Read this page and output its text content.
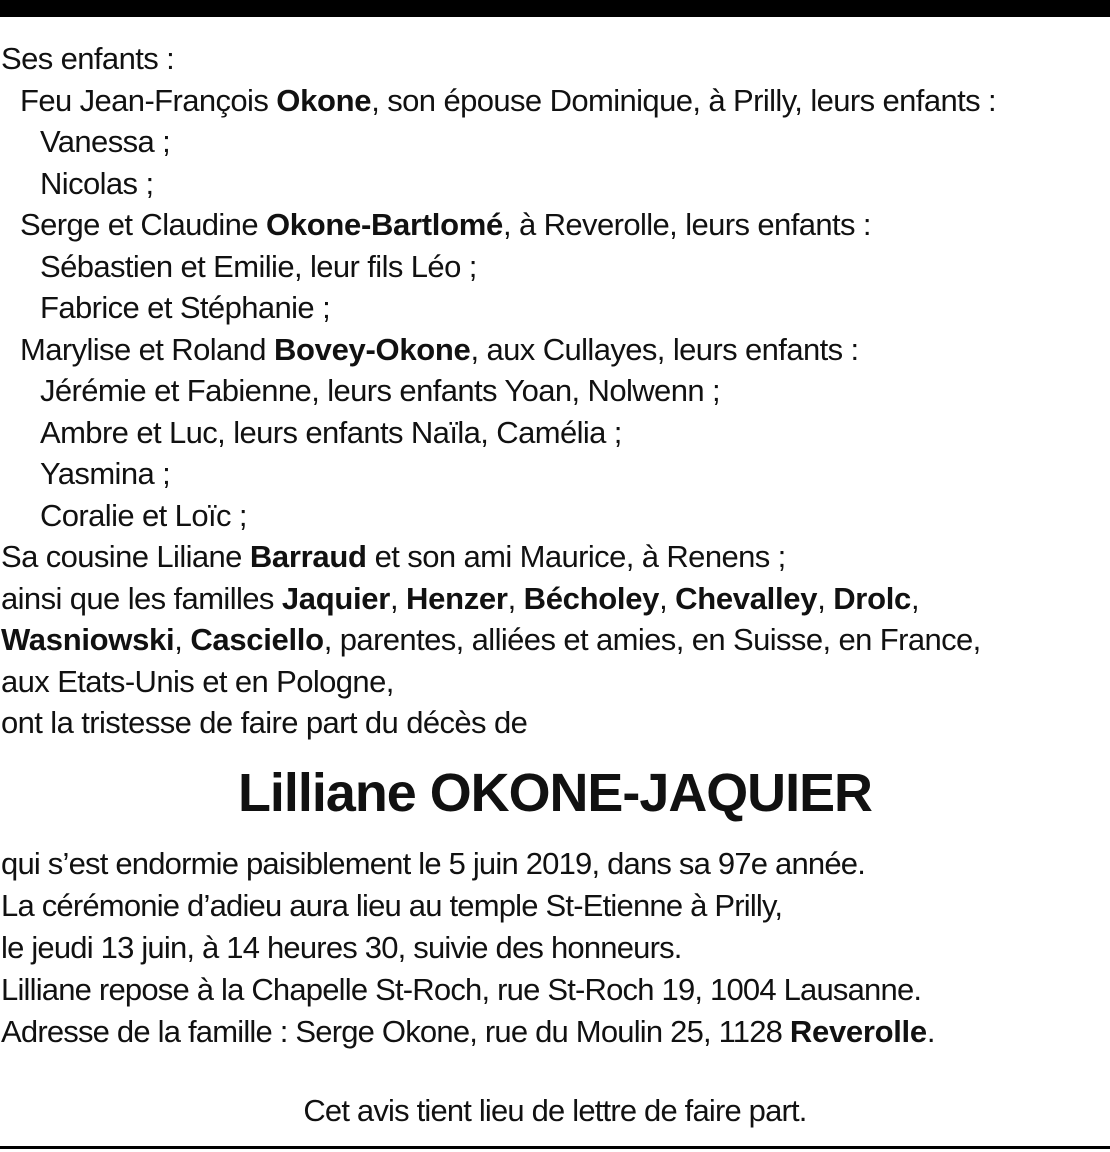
Ses enfants :
Feu Jean-François Okone, son épouse Dominique, à Prilly, leurs enfants :
Vanessa ;
Nicolas ;
Serge et Claudine Okone-Bartlomé, à Reverolle, leurs enfants :
Sébastien et Emilie, leur fils Léo ;
Fabrice et Stéphanie ;
Marylise et Roland Bovey-Okone, aux Cullayes, leurs enfants :
Jérémie et Fabienne, leurs enfants Yoan, Nolwenn ;
Ambre et Luc, leurs enfants Naïla, Camélia ;
Yasmina ;
Coralie et Loïc ;
Sa cousine Liliane Barraud et son ami Maurice, à Renens ;
ainsi que les familles Jaquier, Henzer, Bécholey, Chevalley, Drolc,
Wasniowski, Casciello, parentes, alliées et amies, en Suisse, en France,
aux Etats-Unis et en Pologne,
ont la tristesse de faire part du décès de
Lilliane OKONE-JAQUIER
qui s’est endormie paisiblement le 5 juin 2019, dans sa 97e année.
La cérémonie d’adieu aura lieu au temple St-Etienne à Prilly,
le jeudi 13 juin, à 14 heures 30, suivie des honneurs.
Lilliane repose à la Chapelle St-Roch, rue St-Roch 19, 1004 Lausanne.
Adresse de la famille : Serge Okone, rue du Moulin 25, 1128 Reverolle.
Cet avis tient lieu de lettre de faire part.
